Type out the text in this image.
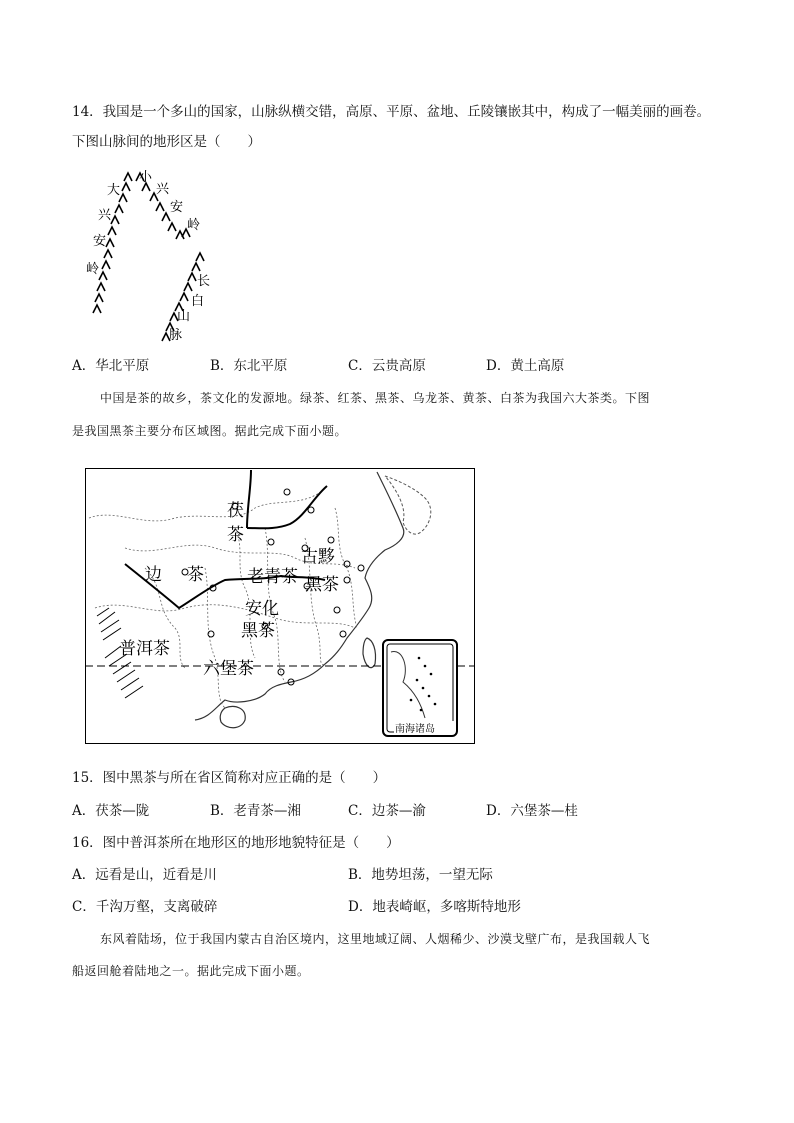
14．我国是一个多山的国家，山脉纵横交错，高原、平原、盆地、丘陵镶嵌其中，构成了一幅美丽的画卷。
下图山脉间的地形区是（　　）
大
兴
安
岭
小
兴
安
岭
长
白
山
脉
A．华北平原	B．东北平原	C．云贵高原	D．黄土高原
中国是茶的故乡，茶文化的发源地。绿茶、红茶、黑茶、乌龙茶、黄茶、白茶为我国六大茶类。下图
是我国黑茶主要分布区域图。据此完成下面小题。
茯
茶
边 茶	老青茶
古黟
黑茶
安化
黑茶
普洱茶
六堡茶
南海诸岛
15．图中黑茶与所在省区简称对应正确的是（　　）
A．茯茶—陇	B．老青茶—湘	C．边茶—渝	D．六堡茶—桂
16．图中普洱茶所在地形区的地形地貌特征是（　　）
A．远看是山，近看是川	B．地势坦荡，一望无际
C．千沟万壑，支离破碎	D．地表崎岖，多喀斯特地形
东风着陆场，位于我国内蒙古自治区境内，这里地域辽阔、人烟稀少、沙漠戈壁广布，是我国载人飞
船返回舱着陆地之一。据此完成下面小题。
